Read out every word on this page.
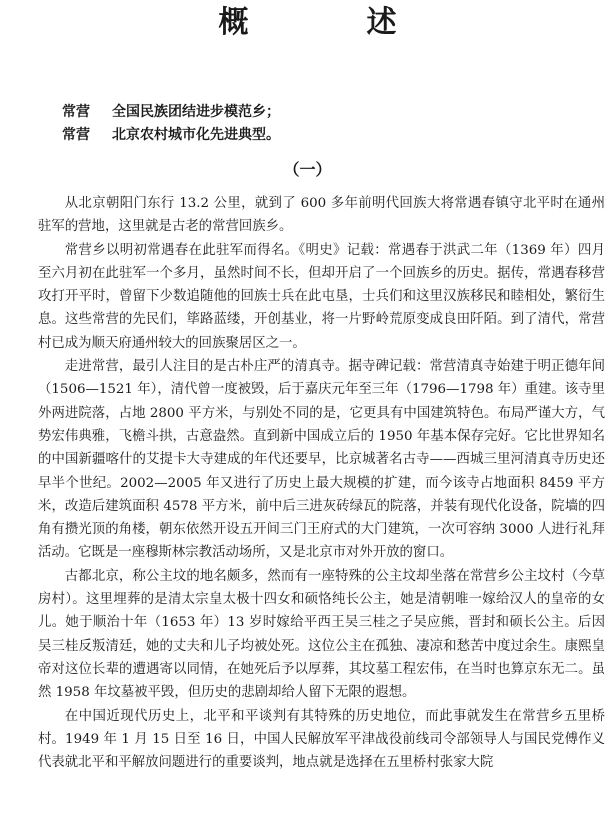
概　述
常营	全国民族团结进步模范乡；
常营	北京农村城市化先进典型。
（一）

从北京朝阳门东行 13.2 公里，就到了 600 多年前明代回族大将常遇春镇守北平时在通州驻军的营地，这里就是古老的常营回族乡。

常营乡以明初常遇春在此驻军而得名。《明史》记载：常遇春于洪武二年（1369 年）四月至六月初在此驻军一个多月，虽然时间不长，但却开启了一个回族乡的历史。据传，常遇春移营攻打开平时，曾留下少数追随他的回族士兵在此屯垦，士兵们和这里汉族移民和睦相处，繁衍生息。这些常营的先民们，筚路蓝缕，开创基业，将一片野岭荒原变成良田阡陌。到了清代，常营村已成为顺天府通州较大的回族聚居区之一。

走进常营，最引人注目的是古朴庄严的清真寺。据寺碑记载：常营清真寺始建于明正德年间（1506—1521 年），清代曾一度被毁，后于嘉庆元年至三年（1796—1798 年）重建。该寺里外两进院落，占地 2800 平方米，与别处不同的是，它更具有中国建筑特色。布局严谨大方，气势宏伟典雅，飞檐斗拱，古意盎然。直到新中国成立后的 1950 年基本保存完好。它比世界知名的中国新疆喀什的艾提卡大寺建成的年代还要早，比京城著名古寺——西城三里河清真寺历史还早半个世纪。2002—2005 年又进行了历史上最大规模的扩建，而今该寺占地面积 8459 平方米，改造后建筑面积 4578 平方米，前中后三进灰砖绿瓦的院落，并装有现代化设备，院墙的四角有攒光顶的角楼，朝东依然开设五开间三门王府式的大门建筑，一次可容纳 3000 人进行礼拜活动。它既是一座穆斯林宗教活动场所，又是北京市对外开放的窗口。

古都北京，称公主坟的地名颇多，然而有一座特殊的公主坟却坐落在常营乡公主坟村（今草房村）。这里埋葬的是清太宗皇太极十四女和硕恪纯长公主，她是清朝唯一嫁给汉人的皇帝的女儿。她于顺治十年（1653 年）13 岁时嫁给平西王吴三桂之子吴应熊，晋封和硕长公主。后因吴三桂反叛清廷，她的丈夫和儿子均被处死。这位公主在孤独、凄凉和愁苦中度过余生。康熙皇帝对这位长辈的遭遇寄以同情，在她死后予以厚葬，其坟墓工程宏伟，在当时也算京东无二。虽然 1958 年坟墓被平毁，但历史的悲剧却给人留下无限的遐想。

在中国近现代历史上，北平和平谈判有其特殊的历史地位，而此事就发生在常营乡五里桥村。1949 年 1 月 15 日至 16 日，中国人民解放军平津战役前线司令部领导人与国民党傅作义代表就北平和平解放问题进行的重要谈判，地点就是选择在五里桥村张家大院
